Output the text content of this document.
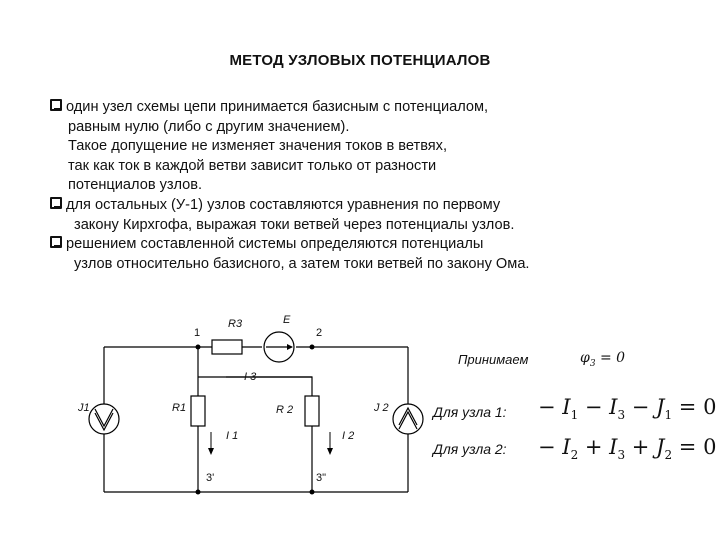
МЕТОД УЗЛОВЫХ ПОТЕНЦИАЛОВ
один узел схемы цепи принимается базисным с потенциалом,
равным нулю (либо с другим значением).
Такое допущение не изменяет значения токов в ветвях,
так как ток в каждой ветви зависит только от разности
потенциалов узлов.
для остальных (У-1) узлов составляются уравнения по первому
закону Кирхгофа, выражая токи ветвей через потенциалы узлов.
решением составленной системы определяются потенциалы
узлов относительно базисного, а затем токи ветвей по закону Ома.
1	2
R3	E
I 3
J1	R1	R 2	J 2
I 1	I 2
3'	3"
Принимаем	$\varphi_3 = 0$
Для узла 1: − $I_1 - I_3 - J_1 = 0$
Для узла 2: − $I_2 + I_3 + J_2 = 0$
